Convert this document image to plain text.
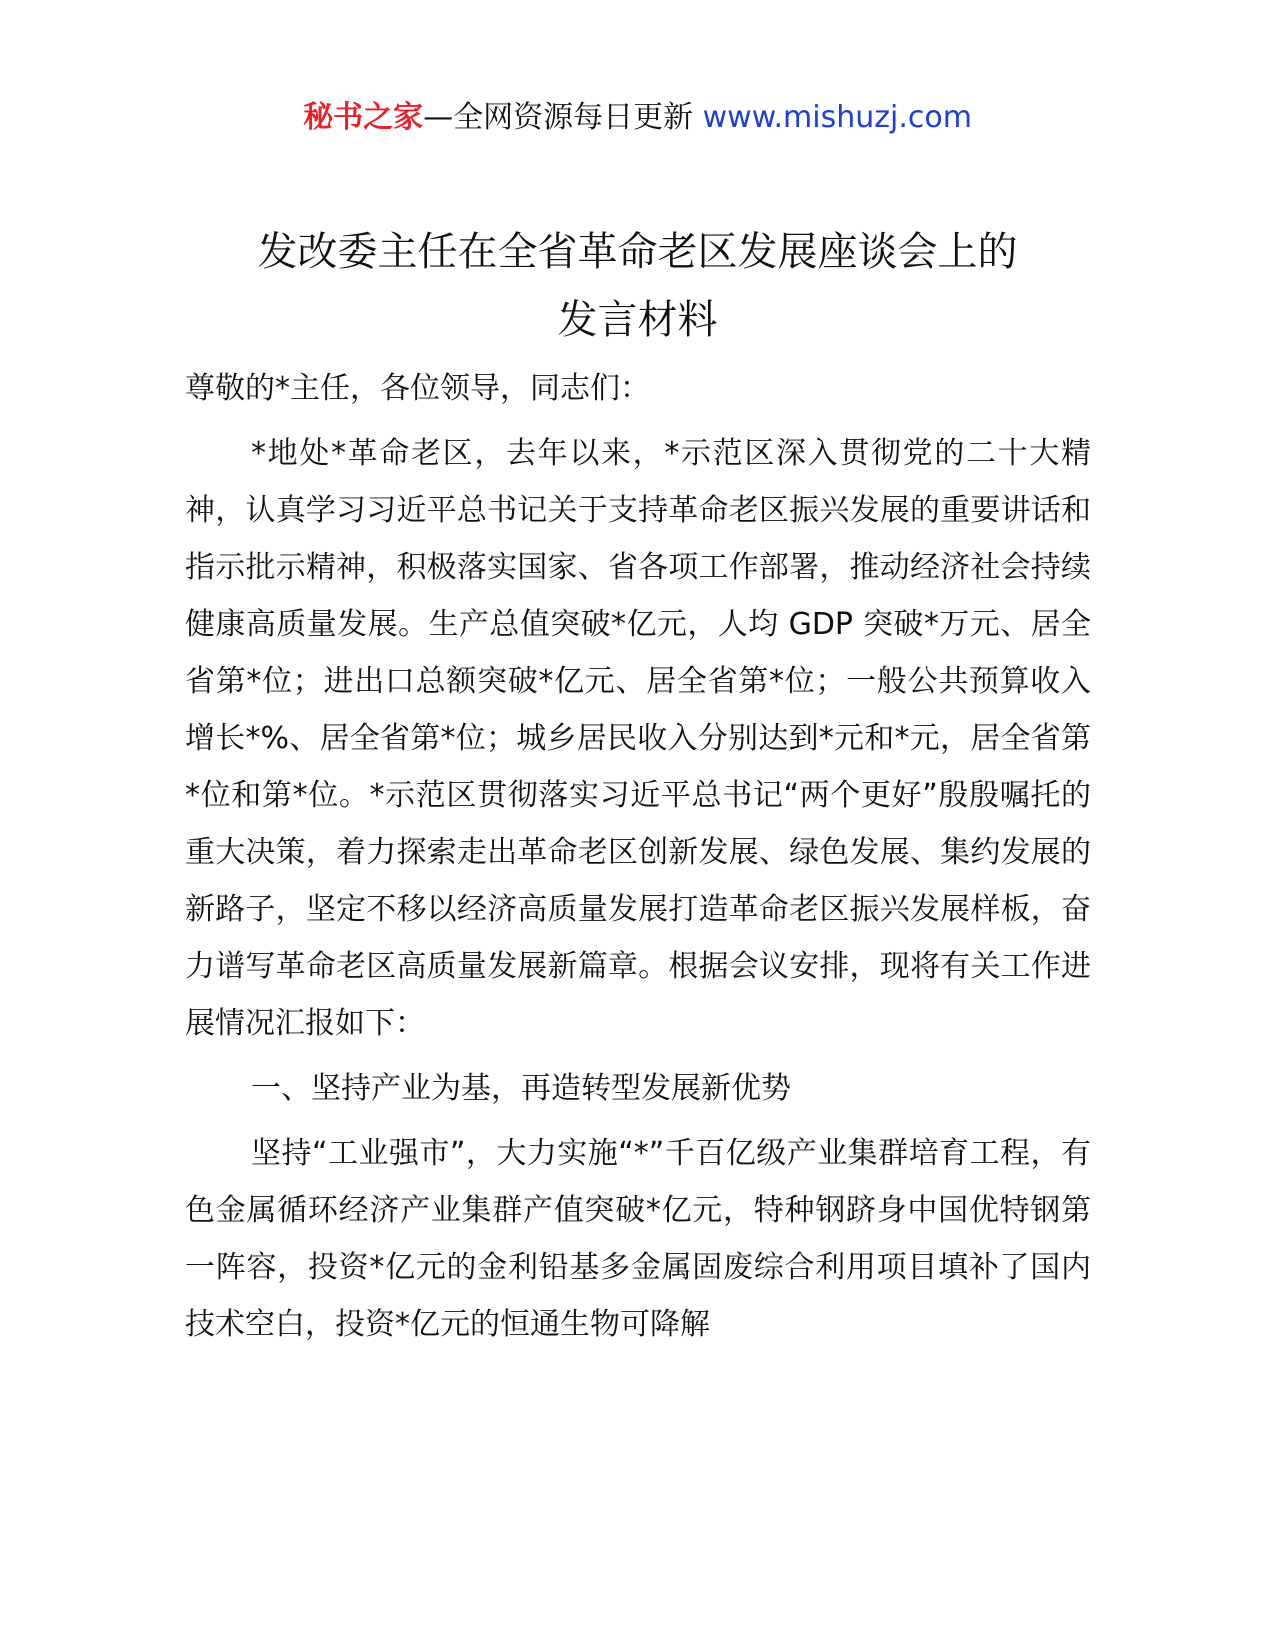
秘书之家—全网资源每日更新 www.mishuzj.com
发改委主任在全省革命老区发展座谈会上的
发言材料

尊敬的*主任，各位领导，同志们：

*地处*革命老区，去年以来，*示范区深入贯彻党的二十大精神，认真学习习近平总书记关于支持革命老区振兴发展的重要讲话和指示批示精神，积极落实国家、省各项工作部署，推动经济社会持续健康高质量发展。生产总值突破*亿元，人均 GDP 突破*万元、居全省第*位；进出口总额突破*亿元、居全省第*位；一般公共预算收入增长*%、居全省第*位；城乡居民收入分别达到*元和*元，居全省第*位和第*位。*示范区贯彻落实习近平总书记“两个更好”殷殷嘱托的重大决策，着力探索走出革命老区创新发展、绿色发展、集约发展的新路子，坚定不移以经济高质量发展打造革命老区振兴发展样板，奋力谱写革命老区高质量发展新篇章。根据会议安排，现将有关工作进展情况汇报如下：

一、坚持产业为基，再造转型发展新优势

坚持“工业强市”，大力实施“*”千百亿级产业集群培育工程，有色金属循环经济产业集群产值突破*亿元，特种钢跻身中国优特钢第一阵容，投资*亿元的金利铅基多金属固废综合利用项目填补了国内技术空白，投资*亿元的恒通生物可降解
